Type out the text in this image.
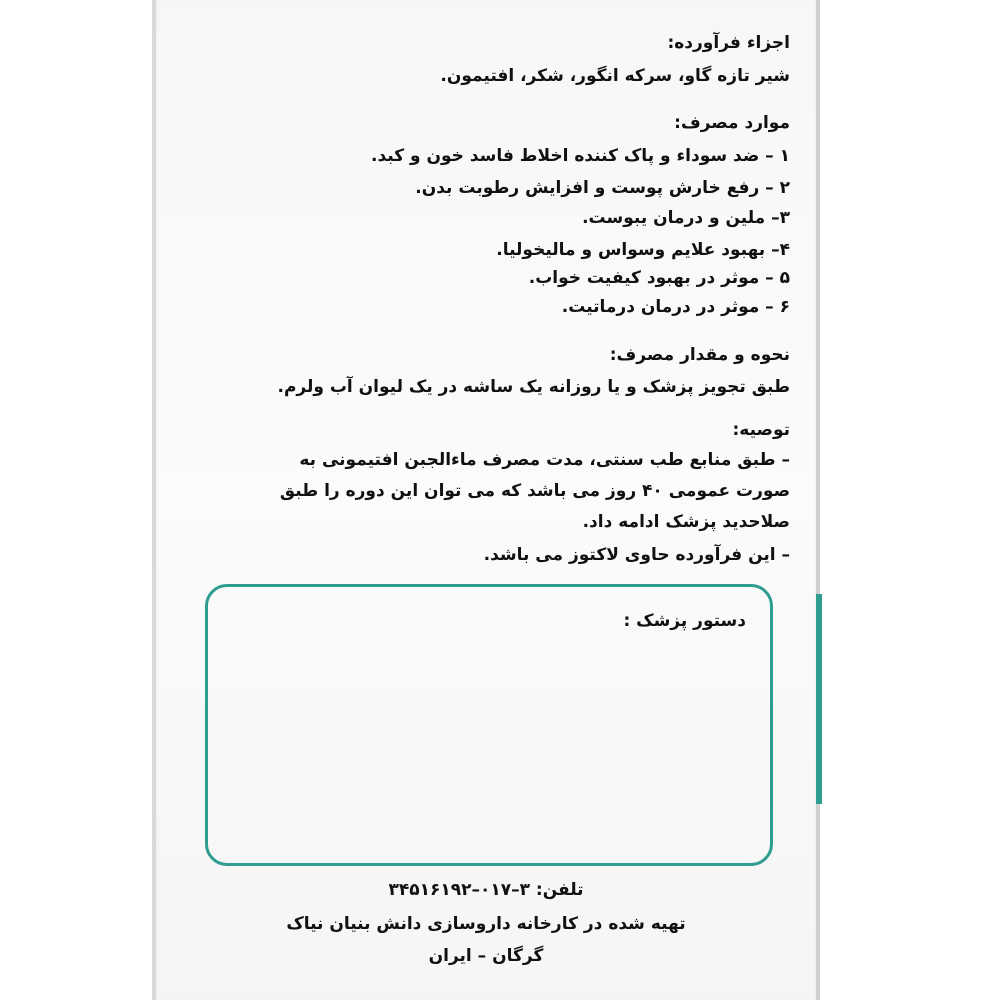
اجزاء فرآورده:
شیر تازه گاو، سرکه انگور، شکر، افتیمون.
موارد مصرف:
۱ – ضد سوداء و پاک کننده اخلاط فاسد خون و کبد.
۲ – رفع خارش پوست و افزایش رطوبت بدن.
۳– ملین و درمان یبوست.
۴– بهبود علایم وسواس و مالیخولیا.
۵ – موثر در بهبود کیفیت خواب.
۶ – موثر در درمان درماتیت.
نحوه و مقدار مصرف:
طبق تجویز پزشک و یا روزانه یک ساشه در یک لیوان آب ولرم.
توصیه:
– طبق منابع طب سنتی، مدت مصرف ماءالجبن افتیمونی به
صورت عمومی ۴۰ روز می باشد که می توان این دوره را طبق
صلاحدید پزشک ادامه داد.
– این فرآورده حاوی لاکتوز می باشد.
دستور پزشک :
تلفن: ۳–۰۱۷–۳۴۵۱۶۱۹۲
تهیه شده در کارخانه داروسازی دانش بنیان نیاک
گرگان – ایران
